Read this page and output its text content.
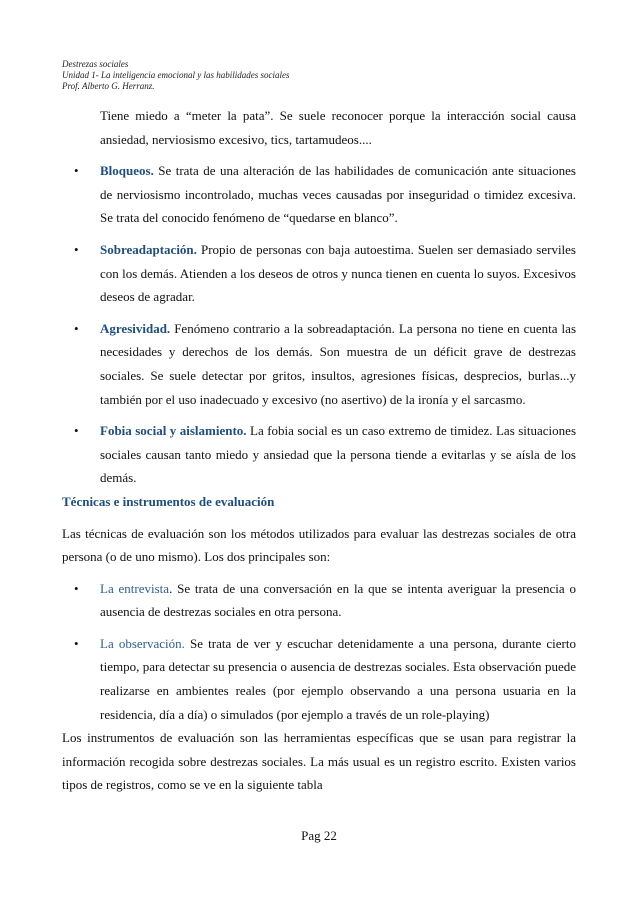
Destrezas sociales
Unidad 1- La inteligencia emocional y las habilidades sociales
Prof. Alberto G. Herranz.

Tiene miedo a “meter la pata”. Se suele reconocer porque la interacción social causa ansiedad, nerviosismo excesivo, tics, tartamudeos....

• Bloqueos. Se trata de una alteración de las habilidades de comunicación ante situaciones de nerviosismo incontrolado, muchas veces causadas por inseguridad o timidez excesiva. Se trata del conocido fenómeno de “quedarse en blanco”.
• Sobreadaptación. Propio de personas con baja autoestima. Suelen ser demasiado serviles con los demás. Atienden a los deseos de otros y nunca tienen en cuenta lo suyos. Excesivos deseos de agradar.
• Agresividad. Fenómeno contrario a la sobreadaptación. La persona no tiene en cuenta las necesidades y derechos de los demás. Son muestra de un déficit grave de destrezas sociales. Se suele detectar por gritos, insultos, agresiones físicas, desprecios, burlas...y también por el uso inadecuado y excesivo (no asertivo) de la ironía y el sarcasmo.
• Fobia social y aislamiento. La fobia social es un caso extremo de timidez. Las situaciones sociales causan tanto miedo y ansiedad que la persona tiende a evitarlas y se aísla de los demás.

Técnicas e instrumentos de evaluación

Las técnicas de evaluación son los métodos utilizados para evaluar las destrezas sociales de otra persona (o de uno mismo). Los dos principales son:

• La entrevista. Se trata de una conversación en la que se intenta averiguar la presencia o ausencia de destrezas sociales en otra persona.
• La observación. Se trata de ver y escuchar detenidamente a una persona, durante cierto tiempo, para detectar su presencia o ausencia de destrezas sociales. Esta observación puede realizarse en ambientes reales (por ejemplo observando a una persona usuaria en la residencia, día a día) o simulados (por ejemplo a través de un role-playing)

Los instrumentos de evaluación son las herramientas específicas que se usan para registrar la información recogida sobre destrezas sociales. La más usual es un registro escrito. Existen varios tipos de registros, como se ve en la siguiente tabla

Pag 22
